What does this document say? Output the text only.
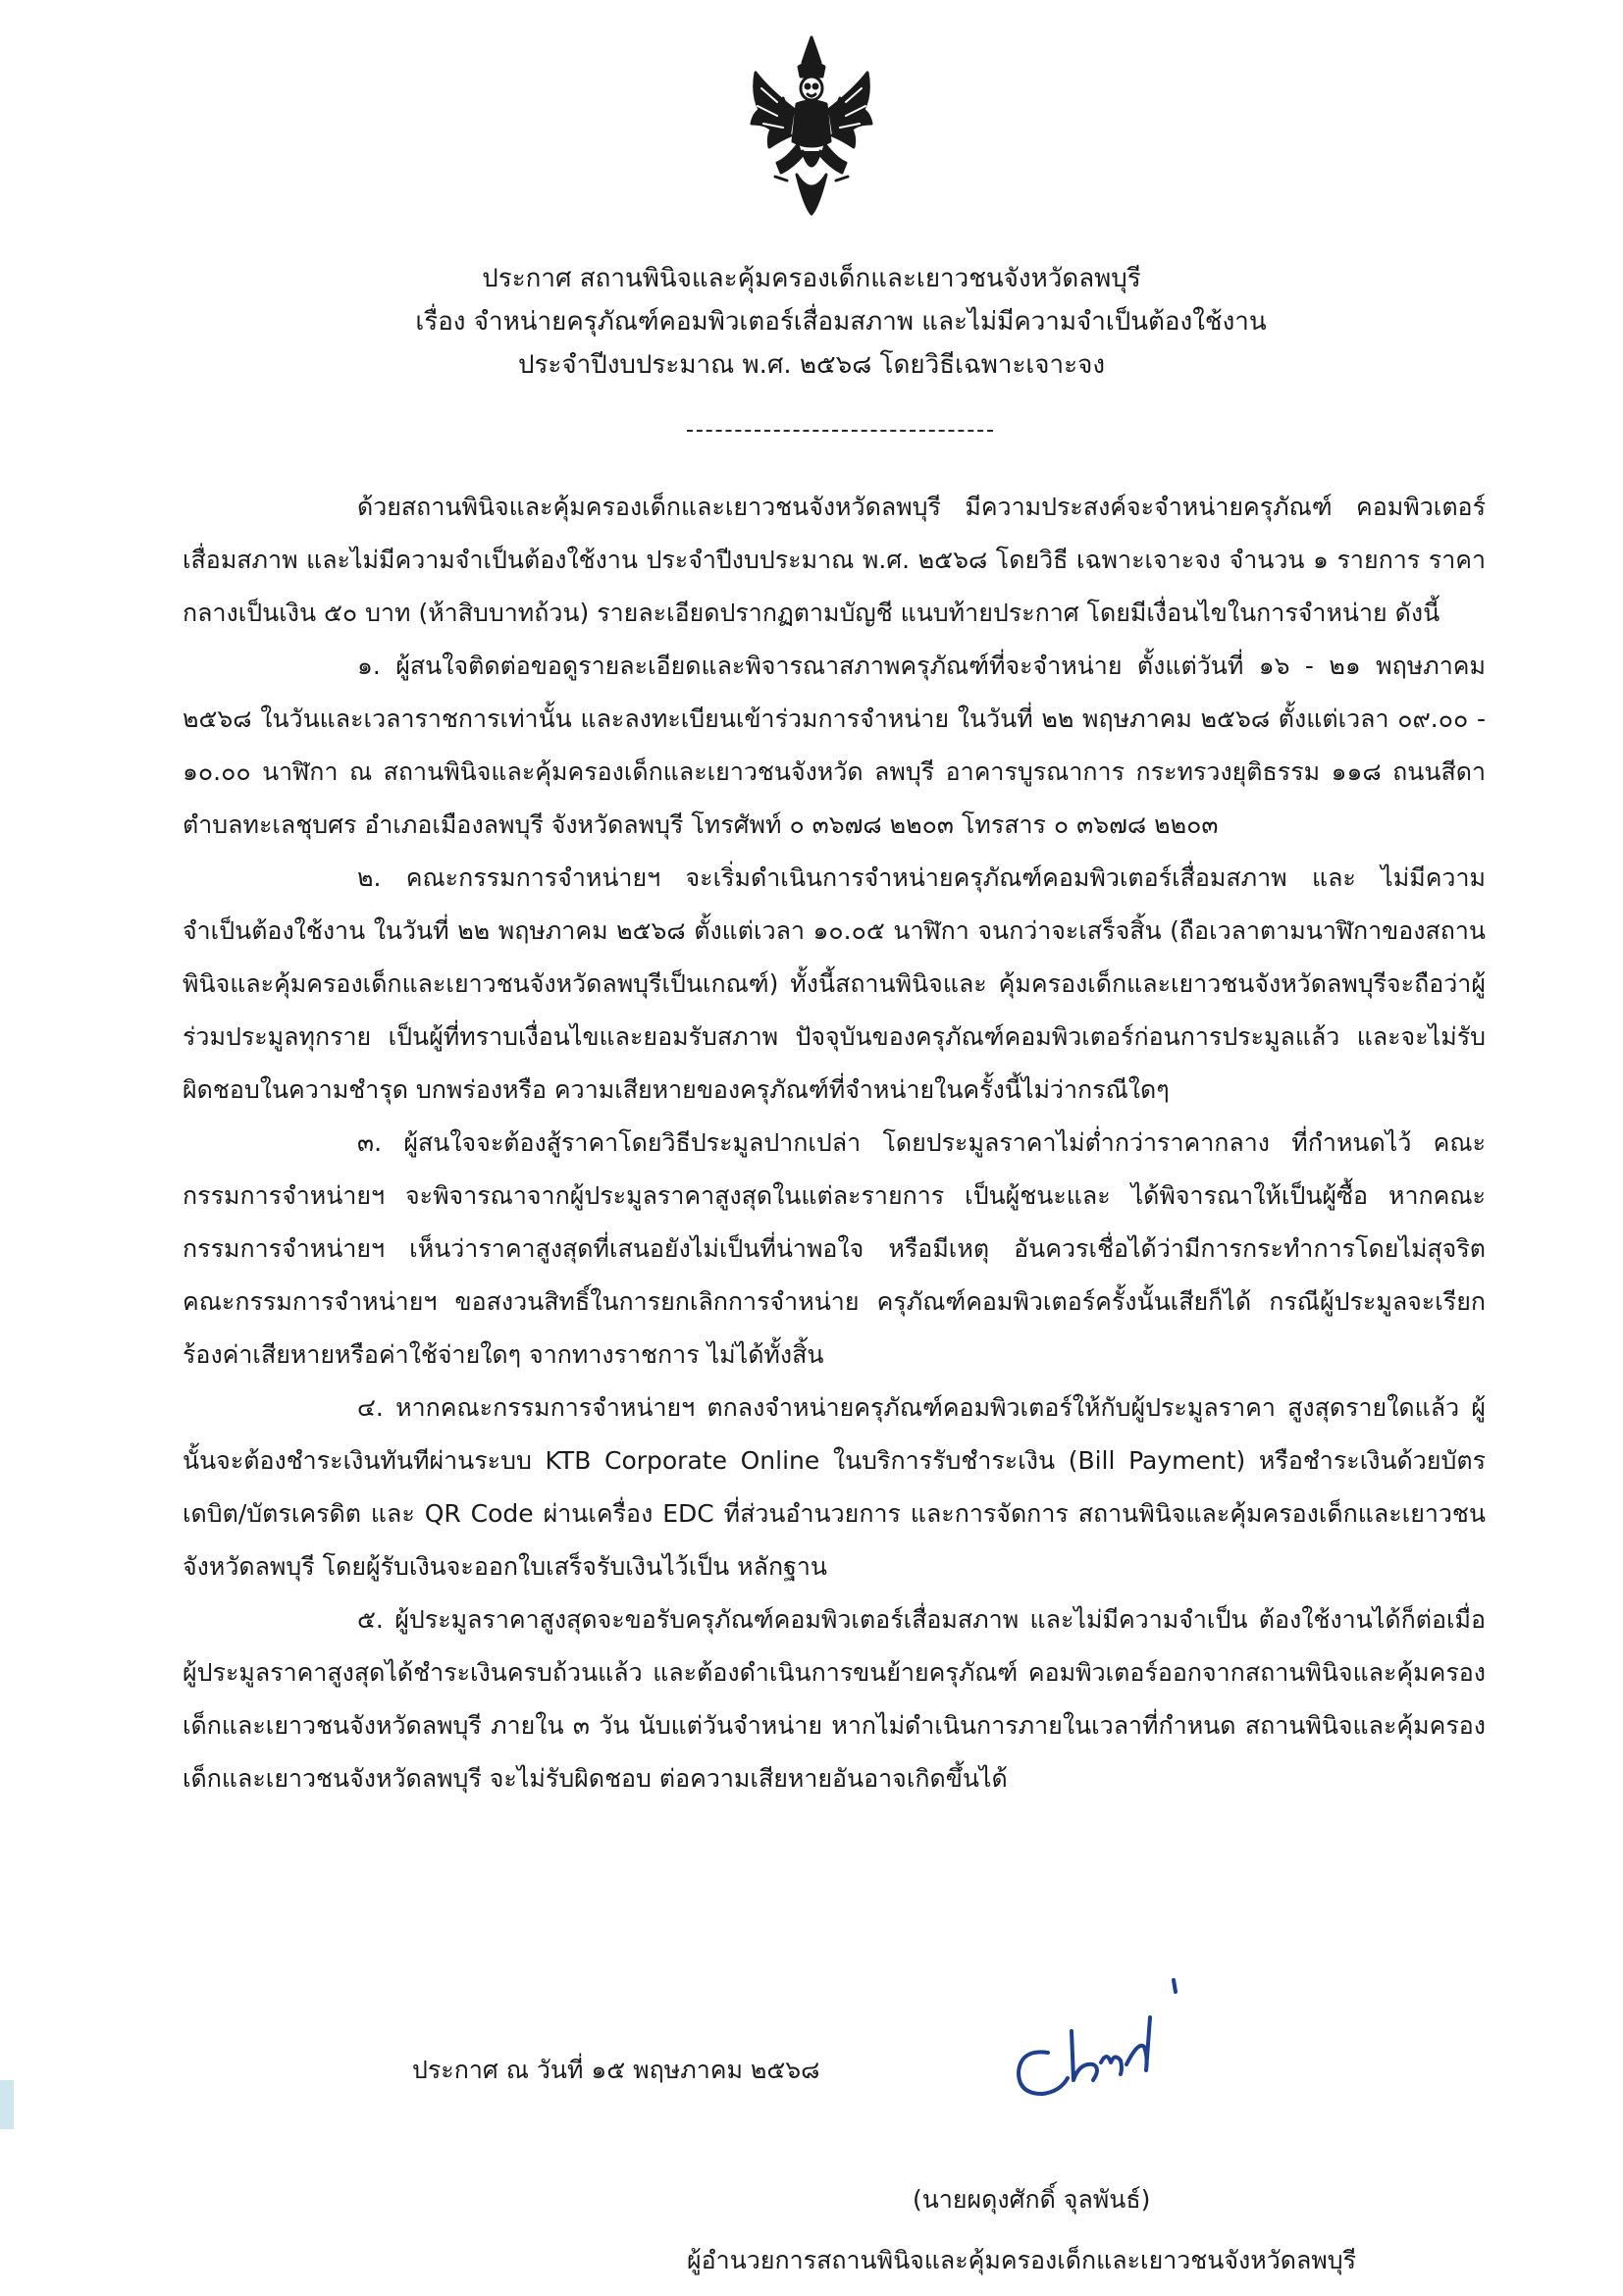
ประกาศ สถานพินิจและคุ้มครองเด็กและเยาวชนจังหวัดลพบุรี
เรื่อง จำหน่ายครุภัณฑ์คอมพิวเตอร์เสื่อมสภาพ และไม่มีความจำเป็นต้องใช้งาน
ประจำปีงบประมาณ พ.ศ. ๒๕๖๘ โดยวิธีเฉพาะเจาะจง

ด้วยสถานพินิจและคุ้มครองเด็กและเยาวชนจังหวัดลพบุรี มีความประสงค์จะจำหน่ายครุภัณฑ์ คอมพิวเตอร์ เสื่อมสภาพ และไม่มีความจำเป็นต้องใช้งาน ประจำปีงบประมาณ พ.ศ. ๒๕๖๘ โดยวิธี เฉพาะเจาะจง จำนวน ๑ รายการ ราคากลางเป็นเงิน ๕๐ บาท (ห้าสิบบาทถ้วน) รายละเอียดปรากฏตามบัญชี แนบท้ายประกาศ โดยมีเงื่อนไขในการจำหน่าย ดังนี้

๑. ผู้สนใจติดต่อขอดูรายละเอียดและพิจารณาสภาพครุภัณฑ์ที่จะจำหน่าย ตั้งแต่วันที่ ๑๖ - ๒๑ พฤษภาคม ๒๕๖๘ ในวันและเวลาราชการเท่านั้น และลงทะเบียนเข้าร่วมการจำหน่าย ในวันที่ ๒๒ พฤษภาคม ๒๕๖๘ ตั้งแต่เวลา ๐๙.๐๐ - ๑๐.๐๐ นาฬิกา ณ สถานพินิจและคุ้มครองเด็กและเยาวชนจังหวัด ลพบุรี อาคารบูรณาการ กระทรวงยุติธรรม ๑๑๘ ถนนสีดา ตำบลทะเลชุบศร อำเภอเมืองลพบุรี จังหวัดลพบุรี โทรศัพท์ ๐ ๓๖๗๘ ๒๒๐๓ โทรสาร ๐ ๓๖๗๘ ๒๒๐๓

๒. คณะกรรมการจำหน่ายฯ จะเริ่มดำเนินการจำหน่ายครุภัณฑ์คอมพิวเตอร์เสื่อมสภาพ และ ไม่มีความจำเป็นต้องใช้งาน ในวันที่ ๒๒ พฤษภาคม ๒๕๖๘ ตั้งแต่เวลา ๑๐.๐๕ นาฬิกา จนกว่าจะเสร็จสิ้น (ถือเวลาตามนาฬิกาของสถานพินิจและคุ้มครองเด็กและเยาวชนจังหวัดลพบุรีเป็นเกณฑ์) ทั้งนี้สถานพินิจและ คุ้มครองเด็กและเยาวชนจังหวัดลพบุรีจะถือว่าผู้ร่วมประมูลทุกราย เป็นผู้ที่ทราบเงื่อนไขและยอมรับสภาพ ปัจจุบันของครุภัณฑ์คอมพิวเตอร์ก่อนการประมูลแล้ว และจะไม่รับผิดชอบในความชำรุด บกพร่องหรือ ความเสียหายของครุภัณฑ์ที่จำหน่ายในครั้งนี้ไม่ว่ากรณีใดๆ

๓. ผู้สนใจจะต้องสู้ราคาโดยวิธีประมูลปากเปล่า โดยประมูลราคาไม่ต่ำกว่าราคากลาง ที่กำหนดไว้ คณะกรรมการจำหน่ายฯ จะพิจารณาจากผู้ประมูลราคาสูงสุดในแต่ละรายการ เป็นผู้ชนะและ ได้พิจารณาให้เป็นผู้ซื้อ หากคณะกรรมการจำหน่ายฯ เห็นว่าราคาสูงสุดที่เสนอยังไม่เป็นที่น่าพอใจ หรือมีเหตุ อันควรเชื่อได้ว่ามีการกระทำการโดยไม่สุจริต คณะกรรมการจำหน่ายฯ ขอสงวนสิทธิ์ในการยกเลิกการจำหน่าย ครุภัณฑ์คอมพิวเตอร์ครั้งนั้นเสียก็ได้ กรณีผู้ประมูลจะเรียกร้องค่าเสียหายหรือค่าใช้จ่ายใดๆ จากทางราชการ ไม่ได้ทั้งสิ้น

๔. หากคณะกรรมการจำหน่ายฯ ตกลงจำหน่ายครุภัณฑ์คอมพิวเตอร์ให้กับผู้ประมูลราคา สูงสุดรายใดแล้ว ผู้นั้นจะต้องชำระเงินทันทีผ่านระบบ KTB Corporate Online ในบริการรับชำระเงิน (Bill Payment) หรือชำระเงินด้วยบัตรเดบิต/บัตรเครดิต และ QR Code ผ่านเครื่อง EDC ที่ส่วนอำนวยการ และการจัดการ สถานพินิจและคุ้มครองเด็กและเยาวชนจังหวัดลพบุรี โดยผู้รับเงินจะออกใบเสร็จรับเงินไว้เป็น หลักฐาน

๕. ผู้ประมูลราคาสูงสุดจะขอรับครุภัณฑ์คอมพิวเตอร์เสื่อมสภาพ และไม่มีความจำเป็น ต้องใช้งานได้ก็ต่อเมื่อผู้ประมูลราคาสูงสุดได้ชำระเงินครบถ้วนแล้ว และต้องดำเนินการขนย้ายครุภัณฑ์ คอมพิวเตอร์ออกจากสถานพินิจและคุ้มครองเด็กและเยาวชนจังหวัดลพบุรี ภายใน ๓ วัน นับแต่วันจำหน่าย หากไม่ดำเนินการภายในเวลาที่กำหนด สถานพินิจและคุ้มครองเด็กและเยาวชนจังหวัดลพบุรี จะไม่รับผิดชอบ ต่อความเสียหายอันอาจเกิดขึ้นได้

ประกาศ ณ วันที่ ๑๕ พฤษภาคม ๒๕๖๘
(นายผดุงศักดิ์ จุลพันธ์)
ผู้อำนวยการสถานพินิจและคุ้มครองเด็กและเยาวชนจังหวัดลพบุรี
